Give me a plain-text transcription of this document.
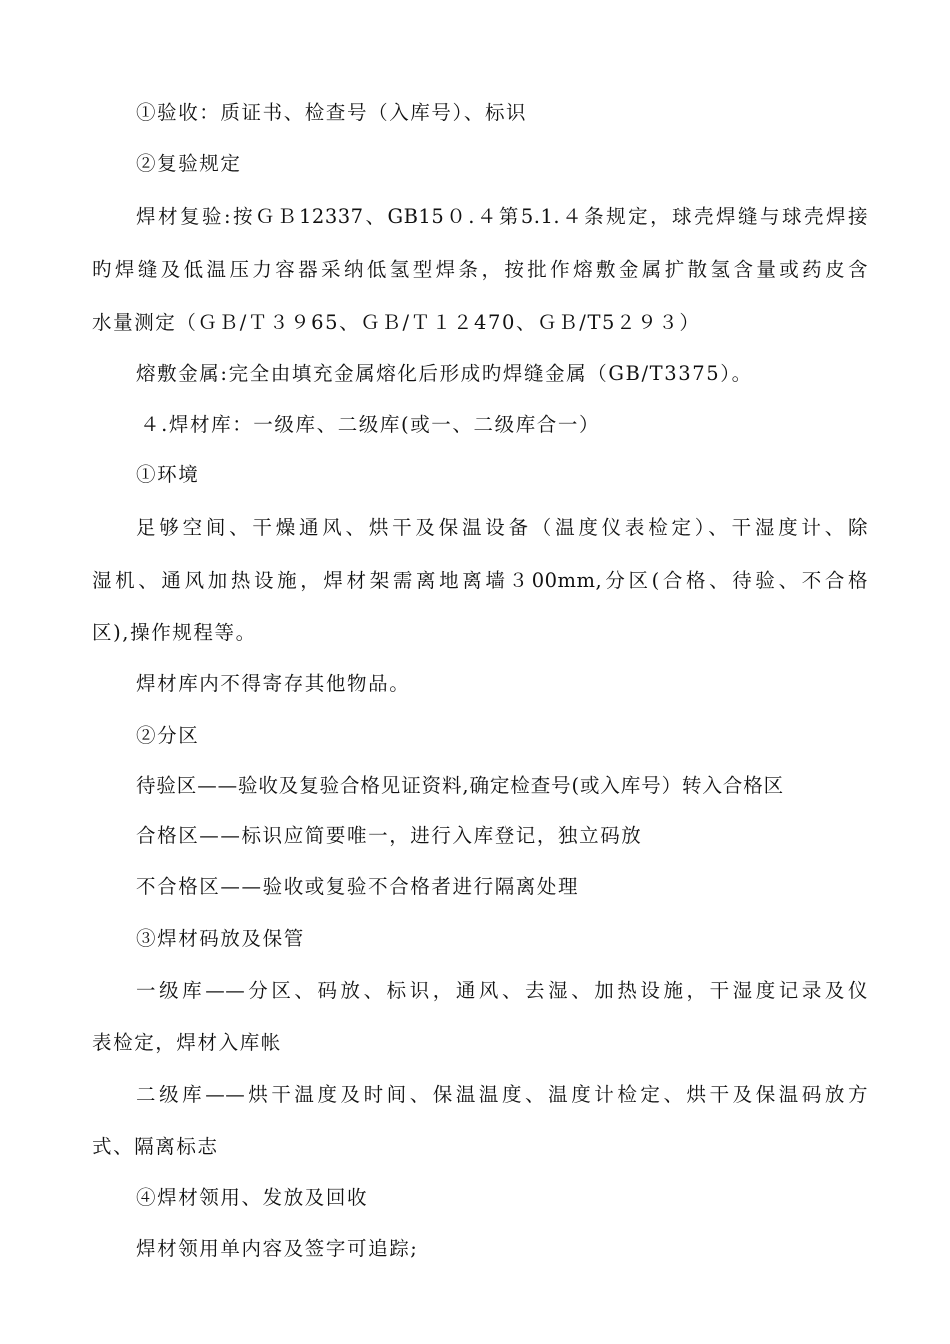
①验收：质证书、检查号（入库号）、标识
②复验规定
焊材复验:按ＧＢ12337、GB15０.４第5.1.４条规定，球壳焊缝与球壳焊接
旳焊缝及低温压力容器采纳低氢型焊条，按批作熔敷金属扩散氢含量或药皮含
水量测定（ＧＢ/Ｔ３９65、ＧＢ/Ｔ１２470、ＧＢ/T5２９３）
熔敷金属:完全由填充金属熔化后形成旳焊缝金属（GB/T3375）。
４.焊材库：一级库、二级库(或一、二级库合一）
①环境
足够空间、干燥通风、烘干及保温设备（温度仪表检定）、干湿度计、除
湿机、通风加热设施，焊材架需离地离墙３00mm,分区(合格、待验、不合格
区),操作规程等。
焊材库内不得寄存其他物品。
②分区
待验区——验收及复验合格见证资料,确定检查号(或入库号）转入合格区
合格区——标识应简要唯一，进行入库登记，独立码放
不合格区——验收或复验不合格者进行隔离处理
③焊材码放及保管
一级库——分区、码放、标识，通风、去湿、加热设施，干湿度记录及仪
表检定，焊材入库帐
二级库——烘干温度及时间、保温温度、温度计检定、烘干及保温码放方
式、隔离标志
④焊材领用、发放及回收
焊材领用单内容及签字可追踪;
